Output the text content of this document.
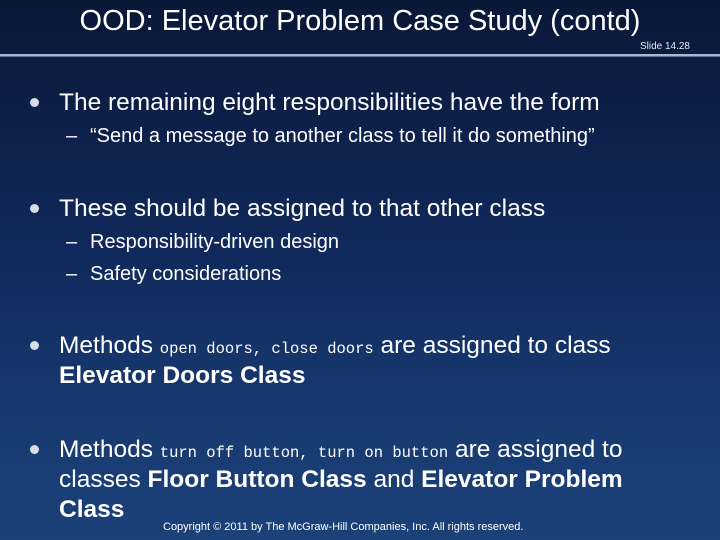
OOD: Elevator Problem Case Study (contd)
Slide 14.28
The remaining eight responsibilities have the form
– “Send a message to another class to tell it do something”
These should be assigned to that other class
– Responsibility-driven design
– Safety considerations
Methods open doors, close doors are assigned to class
Elevator Doors Class
Methods turn off button, turn on button are assigned to
classes Floor Button Class and Elevator Problem
Class
Copyright © 2011 by The McGraw-Hill Companies, Inc. All rights reserved.
